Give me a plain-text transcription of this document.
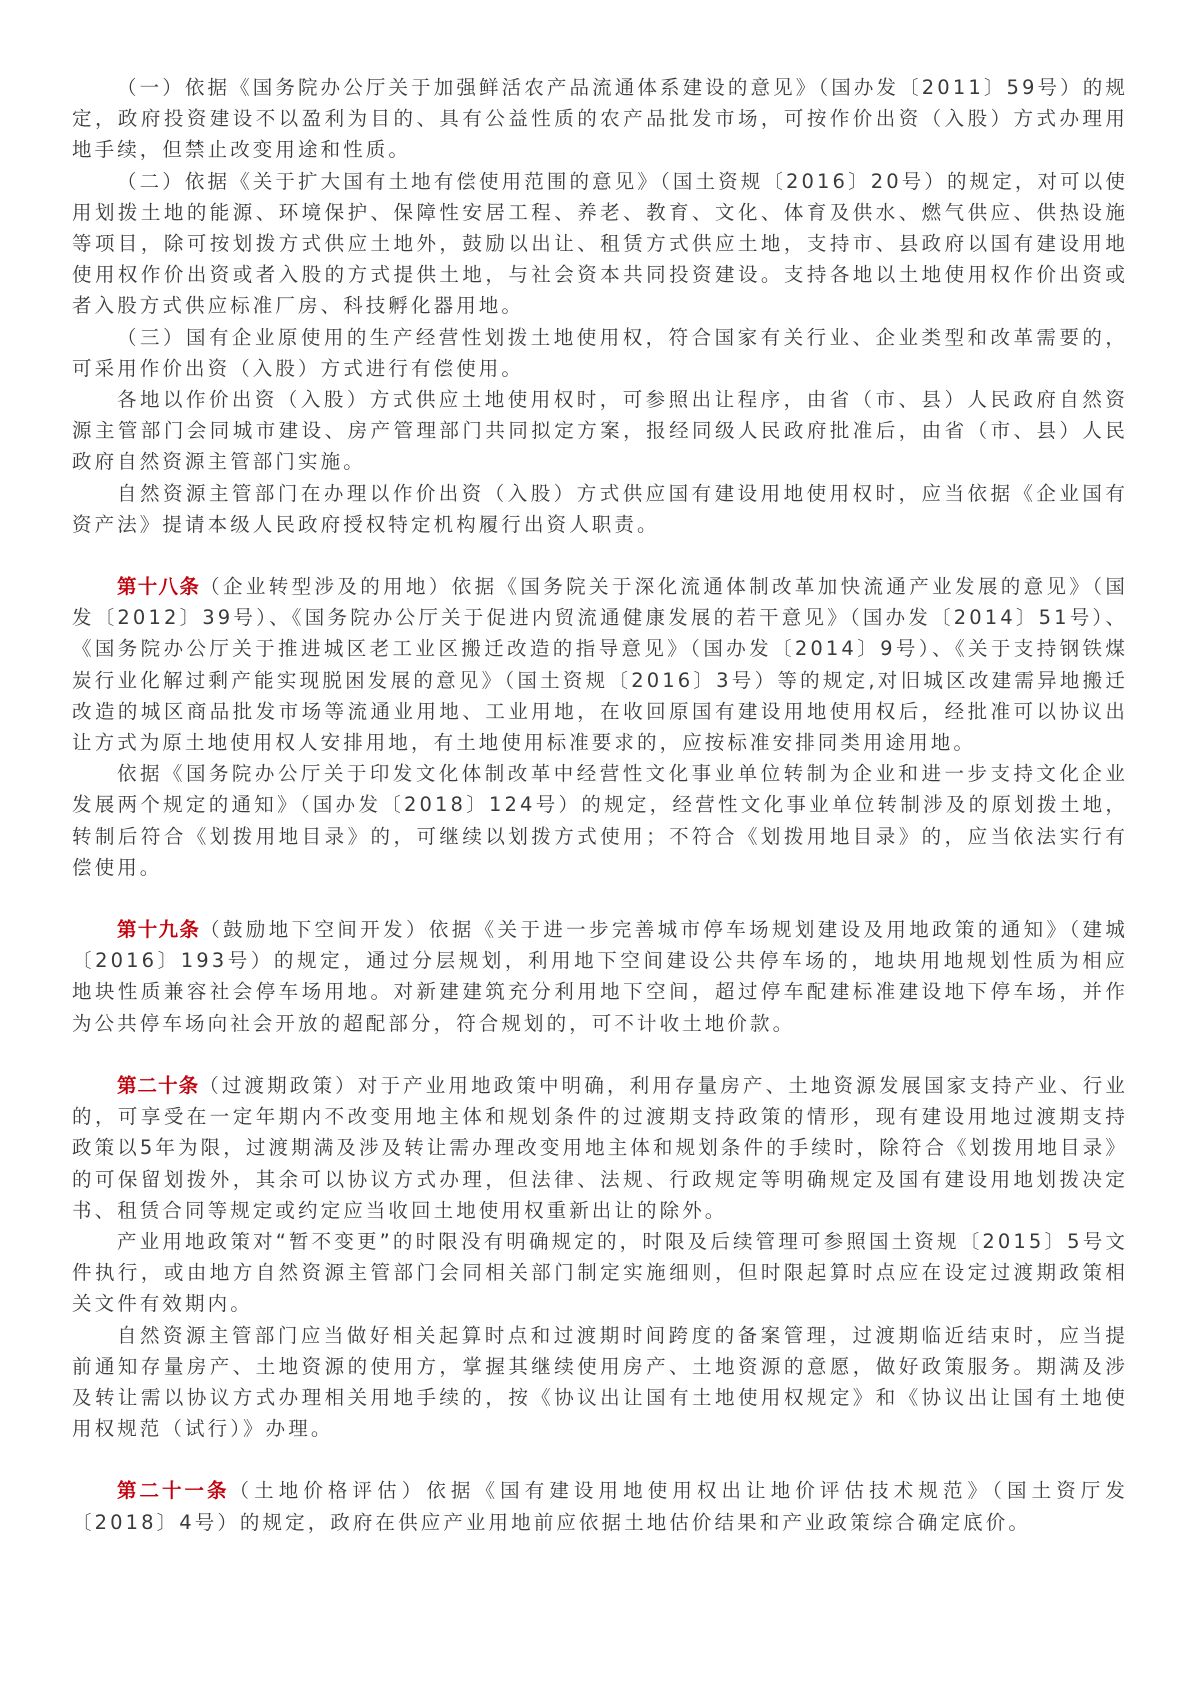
（一）依据《国务院办公厅关于加强鲜活农产品流通体系建设的意见》（国办发〔2011〕59号）的规定，政府投资建设不以盈利为目的、具有公益性质的农产品批发市场，可按作价出资（入股）方式办理用地手续，但禁止改变用途和性质。

（二）依据《关于扩大国有土地有偿使用范围的意见》（国土资规〔2016〕20号）的规定，对可以使用划拨土地的能源、环境保护、保障性安居工程、养老、教育、文化、体育及供水、燃气供应、供热设施等项目，除可按划拨方式供应土地外，鼓励以出让、租赁方式供应土地，支持市、县政府以国有建设用地使用权作价出资或者入股的方式提供土地，与社会资本共同投资建设。支持各地以土地使用权作价出资或者入股方式供应标准厂房、科技孵化器用地。

（三）国有企业原使用的生产经营性划拨土地使用权，符合国家有关行业、企业类型和改革需要的，可采用作价出资（入股）方式进行有偿使用。

各地以作价出资（入股）方式供应土地使用权时，可参照出让程序，由省（市、县）人民政府自然资源主管部门会同城市建设、房产管理部门共同拟定方案，报经同级人民政府批准后，由省（市、县）人民政府自然资源主管部门实施。

自然资源主管部门在办理以作价出资（入股）方式供应国有建设用地使用权时，应当依据《企业国有资产法》提请本级人民政府授权特定机构履行出资人职责。

第十八条（企业转型涉及的用地）依据《国务院关于深化流通体制改革加快流通产业发展的意见》（国发〔2012〕39号）、《国务院办公厅关于促进内贸流通健康发展的若干意见》（国办发〔2014〕51号）、《国务院办公厅关于推进城区老工业区搬迁改造的指导意见》（国办发〔2014〕9号）、《关于支持钢铁煤炭行业化解过剩产能实现脱困发展的意见》（国土资规〔2016〕3号）等的规定,对旧城区改建需异地搬迁改造的城区商品批发市场等流通业用地、工业用地，在收回原国有建设用地使用权后，经批准可以协议出让方式为原土地使用权人安排用地，有土地使用标准要求的，应按标准安排同类用途用地。

依据《国务院办公厅关于印发文化体制改革中经营性文化事业单位转制为企业和进一步支持文化企业发展两个规定的通知》（国办发〔2018〕124号）的规定，经营性文化事业单位转制涉及的原划拨土地，转制后符合《划拨用地目录》的，可继续以划拨方式使用；不符合《划拨用地目录》的，应当依法实行有偿使用。

第十九条（鼓励地下空间开发）依据《关于进一步完善城市停车场规划建设及用地政策的通知》（建城〔2016〕193号）的规定，通过分层规划，利用地下空间建设公共停车场的，地块用地规划性质为相应地块性质兼容社会停车场用地。对新建建筑充分利用地下空间，超过停车配建标准建设地下停车场，并作为公共停车场向社会开放的超配部分，符合规划的，可不计收土地价款。

第二十条（过渡期政策）对于产业用地政策中明确，利用存量房产、土地资源发展国家支持产业、行业的，可享受在一定年期内不改变用地主体和规划条件的过渡期支持政策的情形，现有建设用地过渡期支持政策以5年为限，过渡期满及涉及转让需办理改变用地主体和规划条件的手续时，除符合《划拨用地目录》的可保留划拨外，其余可以协议方式办理，但法律、法规、行政规定等明确规定及国有建设用地划拨决定书、租赁合同等规定或约定应当收回土地使用权重新出让的除外。

产业用地政策对“暂不变更”的时限没有明确规定的，时限及后续管理可参照国土资规〔2015〕5号文件执行，或由地方自然资源主管部门会同相关部门制定实施细则，但时限起算时点应在设定过渡期政策相关文件有效期内。

自然资源主管部门应当做好相关起算时点和过渡期时间跨度的备案管理，过渡期临近结束时，应当提前通知存量房产、土地资源的使用方，掌握其继续使用房产、土地资源的意愿，做好政策服务。期满及涉及转让需以协议方式办理相关用地手续的，按《协议出让国有土地使用权规定》和《协议出让国有土地使用权规范（试行）》办理。

第二十一条（土地价格评估）依据《国有建设用地使用权出让地价评估技术规范》（国土资厅发〔2018〕4号）的规定，政府在供应产业用地前应依据土地估价结果和产业政策综合确定底价。
